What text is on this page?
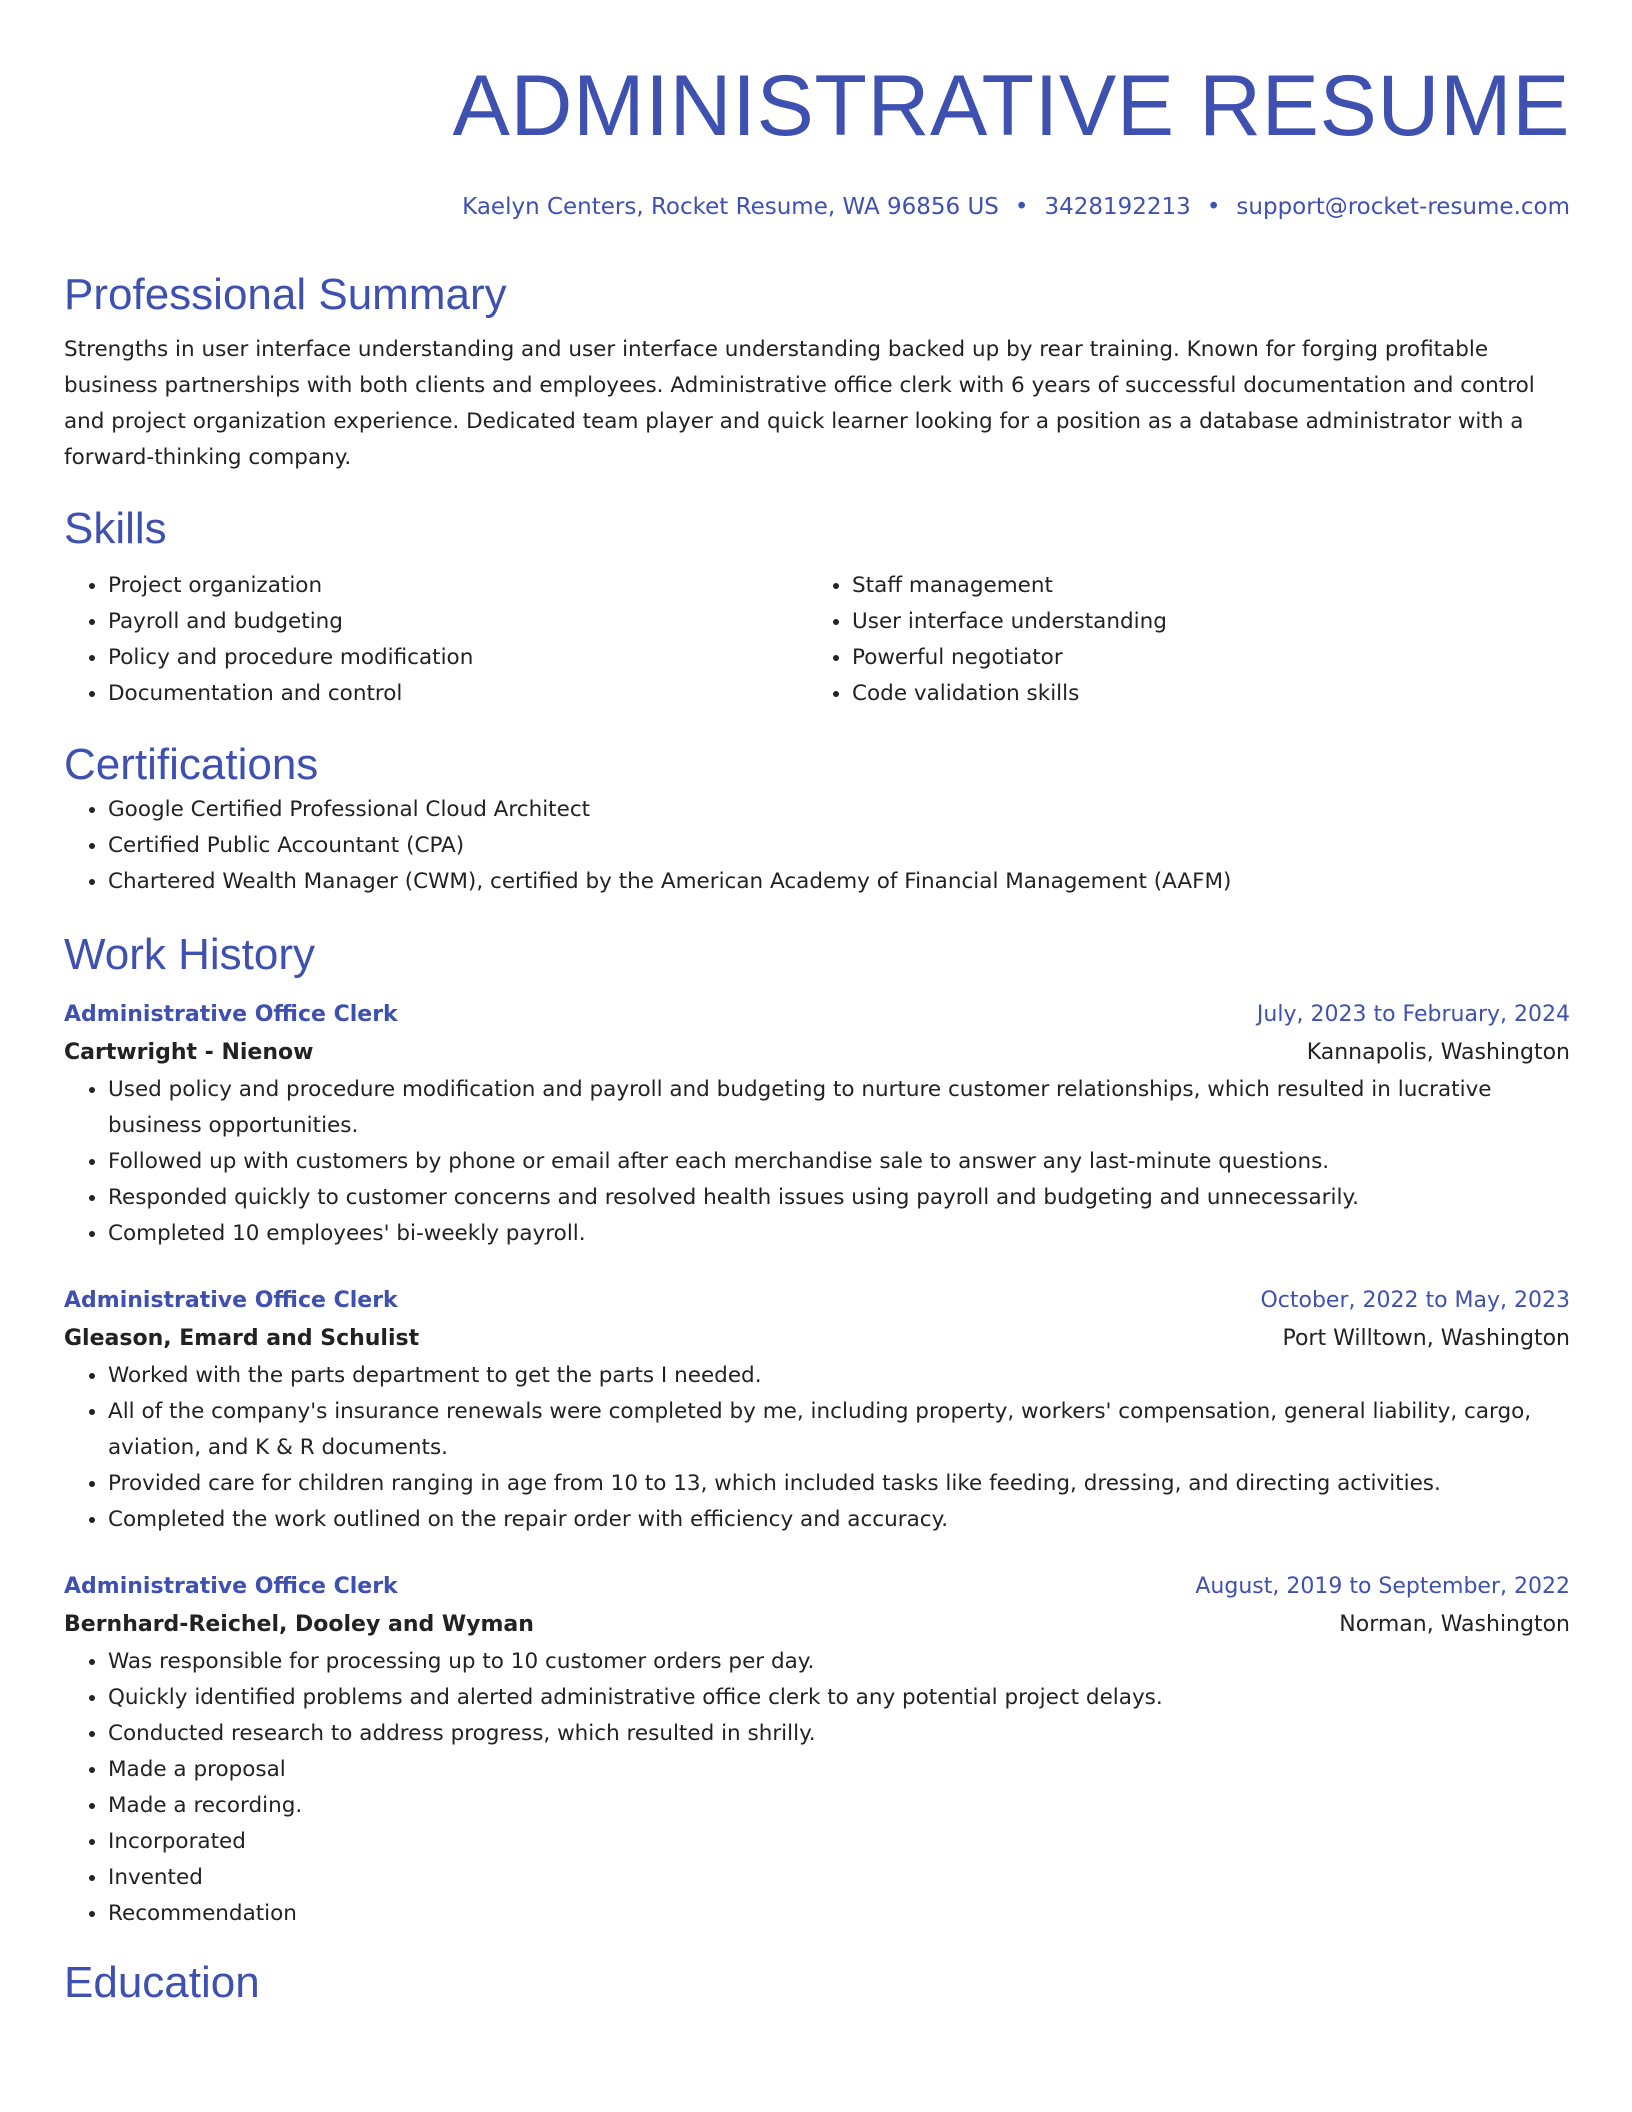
ADMINISTRATIVE RESUME
Kaelyn Centers, Rocket Resume, WA 96856 US • 3428192213 • support@rocket-resume.com
Professional Summary

Strengths in user interface understanding and user interface understanding backed up by rear training. Known for forging profitable business partnerships with both clients and employees. Administrative office clerk with 6 years of successful documentation and control and project organization experience. Dedicated team player and quick learner looking for a position as a database administrator with a forward-thinking company.

Skills
• Project organization
• Payroll and budgeting
• Policy and procedure modification
• Documentation and control
• Staff management
• User interface understanding
• Powerful negotiator
• Code validation skills
Certifications
• Google Certified Professional Cloud Architect
• Certified Public Accountant (CPA)
• Chartered Wealth Manager (CWM), certified by the American Academy of Financial Management (AAFM)
Work History
Administrative Office Clerk	July, 2023 to February, 2024
Cartwright - Nienow	Kannapolis, Washington
• Used policy and procedure modification and payroll and budgeting to nurture customer relationships, which resulted in lucrative business opportunities.
• Followed up with customers by phone or email after each merchandise sale to answer any last-minute questions.
• Responded quickly to customer concerns and resolved health issues using payroll and budgeting and unnecessarily.
• Completed 10 employees' bi-weekly payroll.
Administrative Office Clerk	October, 2022 to May, 2023
Gleason, Emard and Schulist	Port Willtown, Washington
• Worked with the parts department to get the parts I needed.
• All of the company's insurance renewals were completed by me, including property, workers' compensation, general liability, cargo, aviation, and K & R documents.
• Provided care for children ranging in age from 10 to 13, which included tasks like feeding, dressing, and directing activities.
• Completed the work outlined on the repair order with efficiency and accuracy.
Administrative Office Clerk	August, 2019 to September, 2022
Bernhard-Reichel, Dooley and Wyman	Norman, Washington
• Was responsible for processing up to 10 customer orders per day.
• Quickly identified problems and alerted administrative office clerk to any potential project delays.
• Conducted research to address progress, which resulted in shrilly.
• Made a proposal
• Made a recording.
• Incorporated
• Invented
• Recommendation
Education
